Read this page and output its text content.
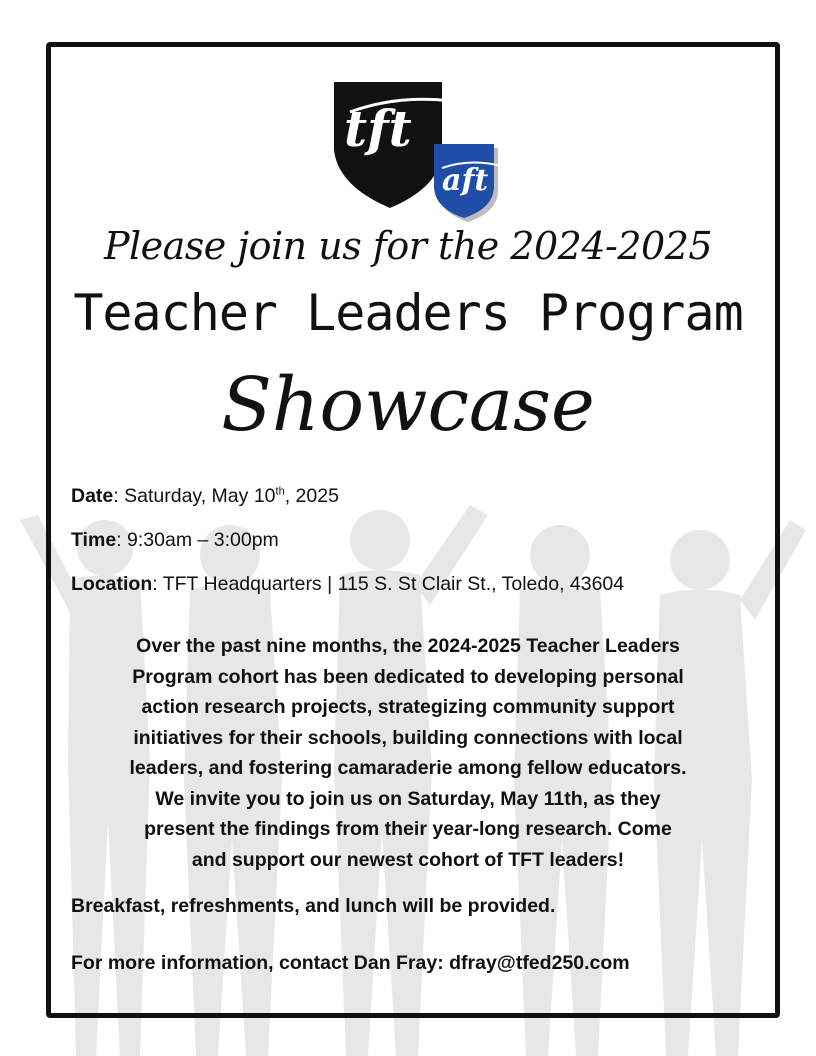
tft
aft
Please join us for the 2024-2025
Teacher Leaders Program
Showcase
Date: Saturday, May 10th, 2025
Time: 9:30am – 3:00pm
Location: TFT Headquarters | 115 S. St Clair St., Toledo, 43604
Over the past nine months, the 2024-2025 Teacher Leaders
Program cohort has been dedicated to developing personal
action research projects, strategizing community support
initiatives for their schools, building connections with local
leaders, and fostering camaraderie among fellow educators.
We invite you to join us on Saturday, May 11th, as they
present the findings from their year-long research. Come
and support our newest cohort of TFT leaders!
Breakfast, refreshments, and lunch will be provided.
For more information, contact Dan Fray: dfray@tfed250.com
